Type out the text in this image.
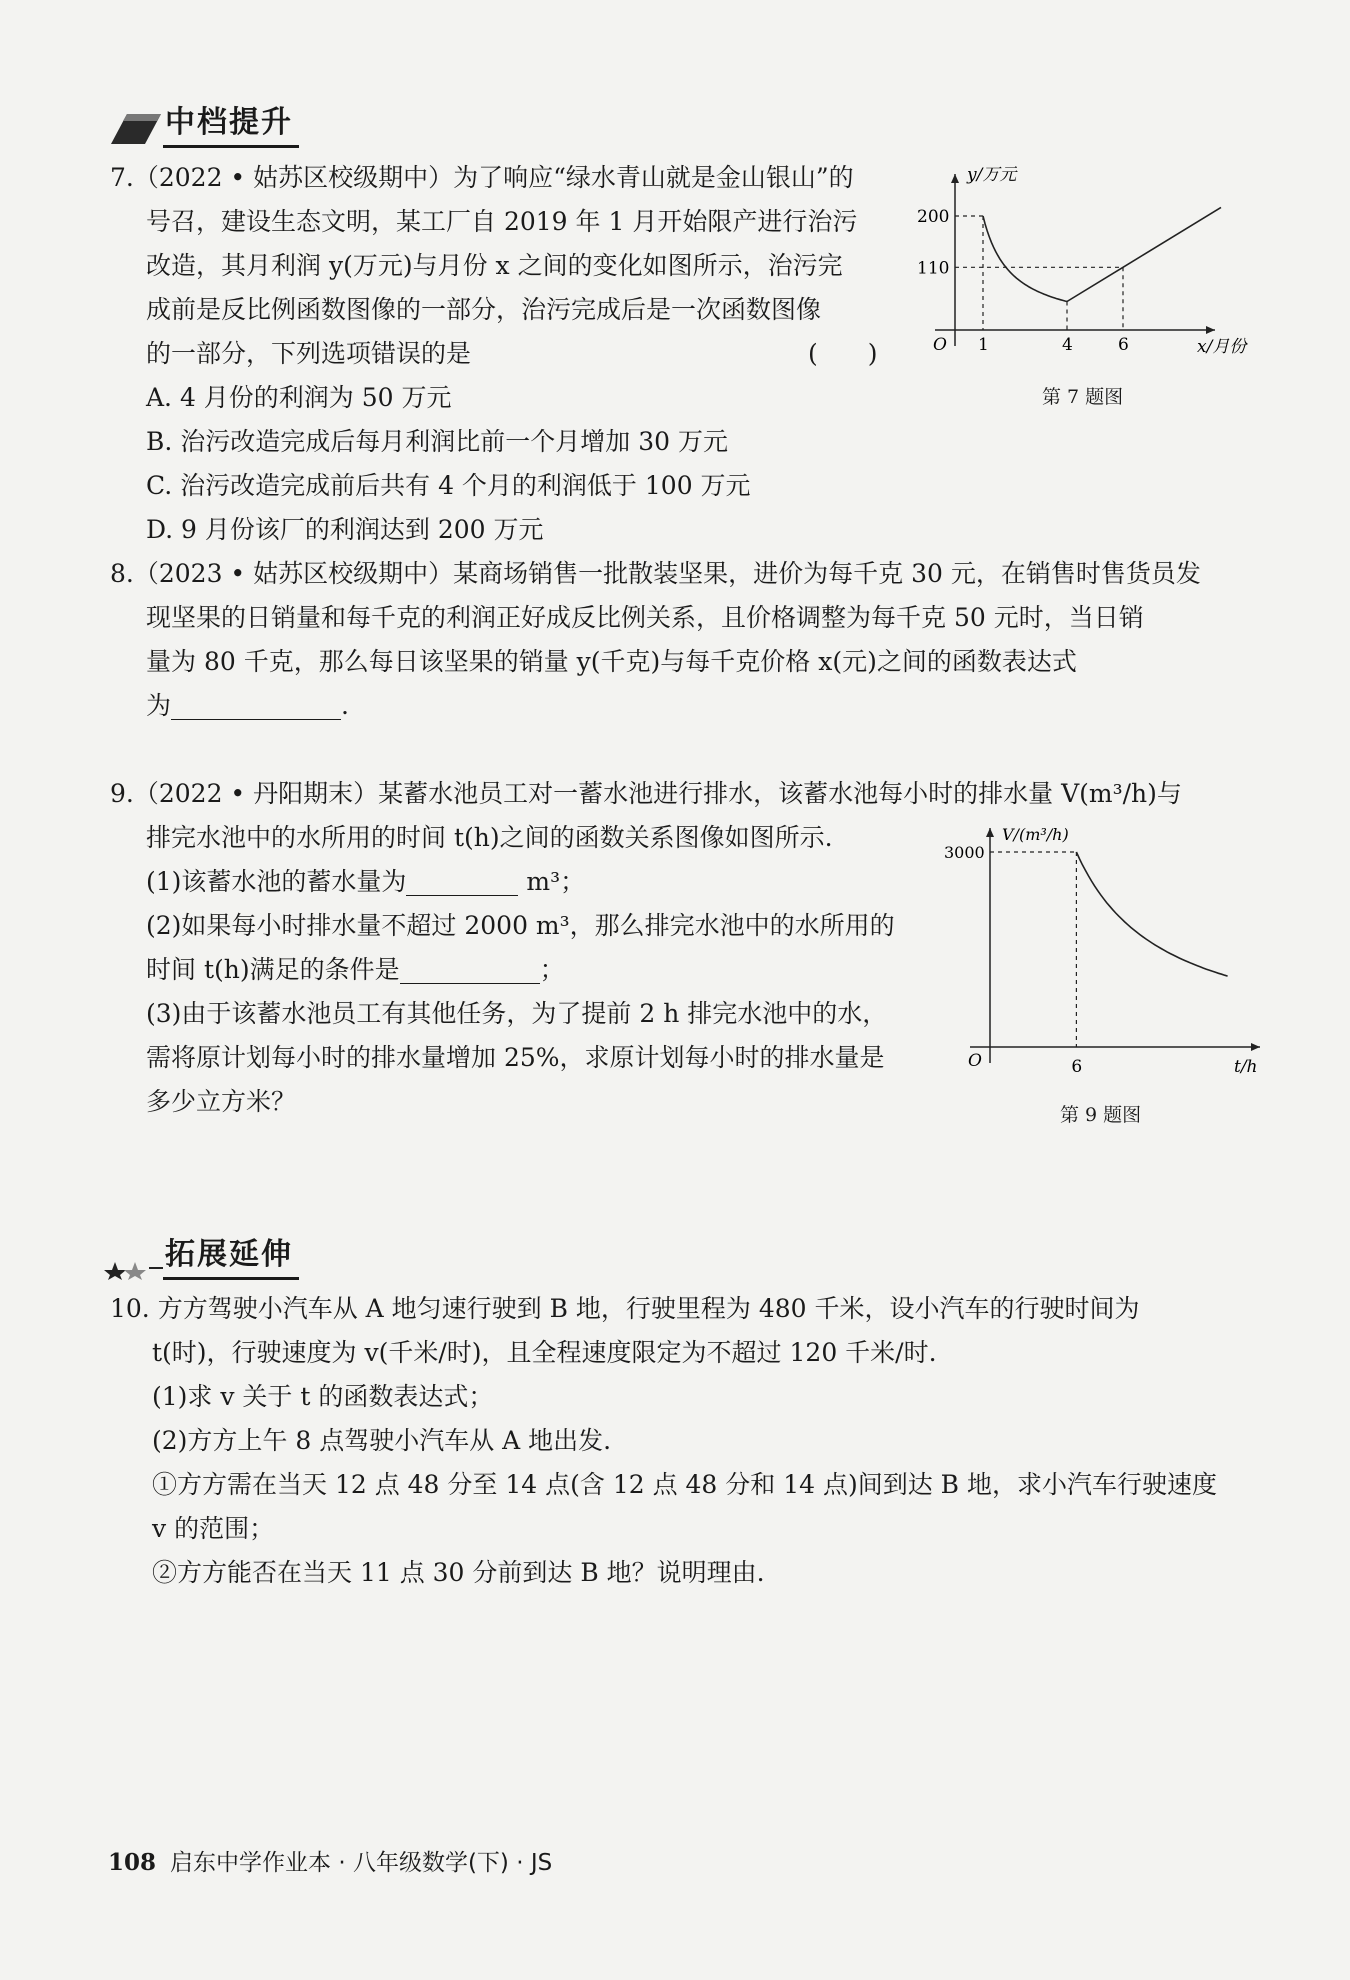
中档提升
7.（2022 • 姑苏区校级期中）为了响应“绿水青山就是金山银山”的
号召，建设生态文明，某工厂自 2019 年 1 月开始限产进行治污
改造，其月利润 y(万元)与月份 x 之间的变化如图所示，治污完
成前是反比例函数图像的一部分，治污完成后是一次函数图像
的一部分，下列选项错误的是
A. 4 月份的利润为 50 万元
B. 治污改造完成后每月利润比前一个月增加 30 万元
C. 治污改造完成前后共有 4 个月的利润低于 100 万元
D. 9 月份该厂的利润达到 200 万元
(　　)
y/万元
x/月份
O 1	4	6
200
110
第 7 题图
8.（2023 • 姑苏区校级期中）某商场销售一批散装坚果，进价为每千克 30 元，在销售时售货员发
现坚果的日销量和每千克的利润正好成反比例关系，且价格调整为每千克 50 元时，当日销
量为 80 千克，那么每日该坚果的销量 y(千克)与每千克价格 x(元)之间的函数表达式
为	.
9.（2022 • 丹阳期末）某蓄水池员工对一蓄水池进行排水，该蓄水池每小时的排水量 V(m³/h)与
排完水池中的水所用的时间 t(h)之间的函数关系图像如图所示.
(1)该蓄水池的蓄水量为	m³；
(2)如果每小时排水量不超过 2000 m³，那么排完水池中的水所用的
时间 t(h)满足的条件是	；
(3)由于该蓄水池员工有其他任务，为了提前 2 h 排完水池中的水，
需将原计划每小时的排水量增加 25%，求原计划每小时的排水量是
多少立方米？
V/(m³/h)
t/h
O	6
3000
第 9 题图
拓展延伸
10. 方方驾驶小汽车从 A 地匀速行驶到 B 地，行驶里程为 480 千米，设小汽车的行驶时间为
t(时)，行驶速度为 v(千米/时)，且全程速度限定为不超过 120 千米/时.
(1)求 v 关于 t 的函数表达式；
(2)方方上午 8 点驾驶小汽车从 A 地出发.
①方方需在当天 12 点 48 分至 14 点(含 12 点 48 分和 14 点)间到达 B 地，求小汽车行驶速度
v 的范围；
②方方能否在当天 11 点 30 分前到达 B 地？说明理由.
108 启东中学作业本 · 八年级数学(下) · JS
